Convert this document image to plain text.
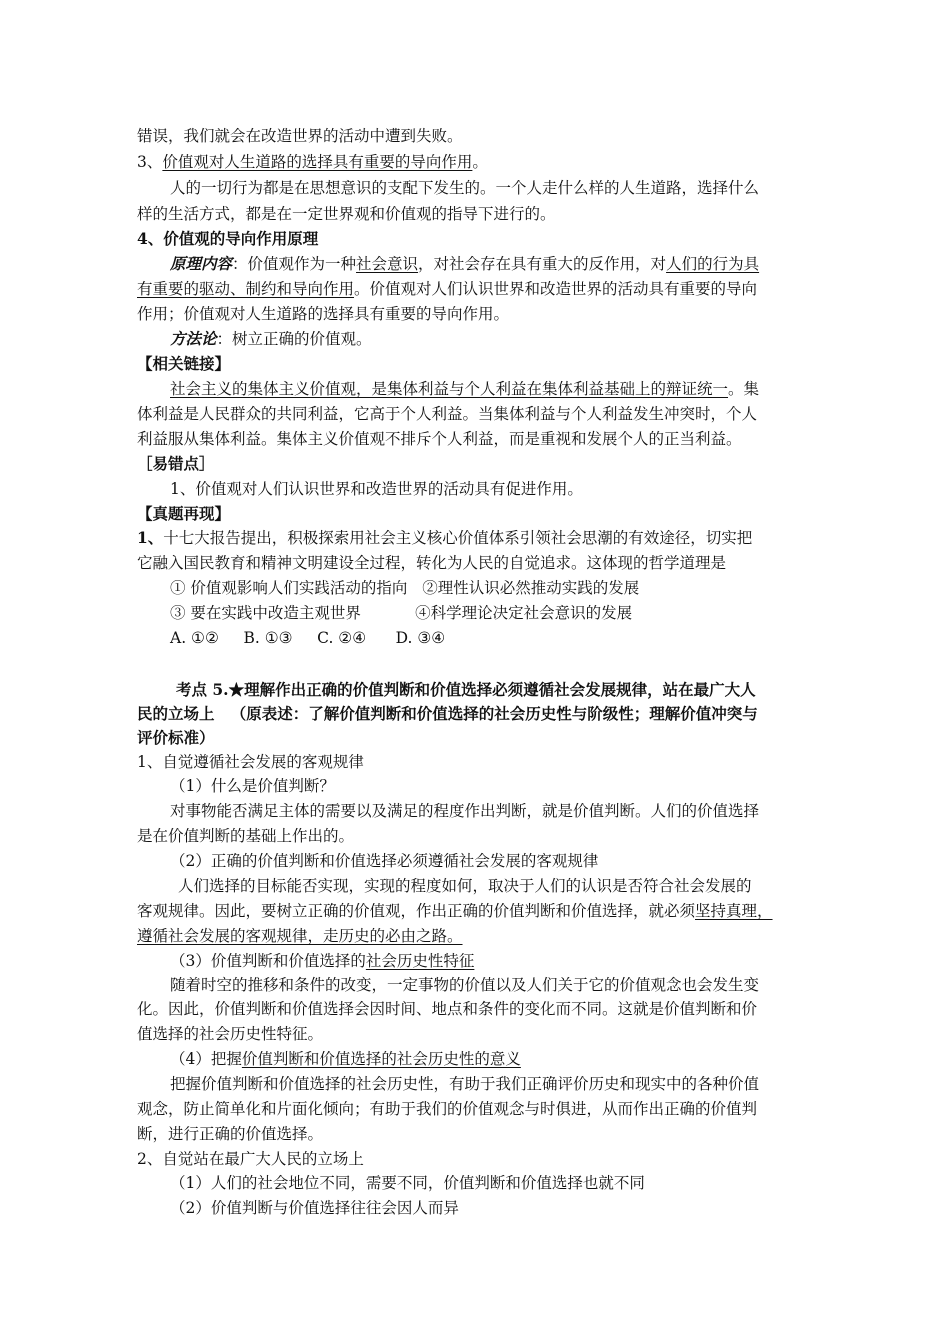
错误，我们就会在改造世界的活动中遭到失败。
3、价值观对人生道路的选择具有重要的导向作用。
人的一切行为都是在思想意识的支配下发生的。一个人走什么样的人生道路，选择什么
样的生活方式，都是在一定世界观和价值观的指导下进行的。
4、价值观的导向作用原理
原理内容：价值观作为一种社会意识，对社会存在具有重大的反作用，对人们的行为具
有重要的驱动、制约和导向作用。价值观对人们认识世界和改造世界的活动具有重要的导向
作用；价值观对人生道路的选择具有重要的导向作用。
方法论：树立正确的价值观。
【相关链接】
社会主义的集体主义价值观，是集体利益与个人利益在集体利益基础上的辩证统一。集
体利益是人民群众的共同利益，它高于个人利益。当集体利益与个人利益发生冲突时，个人
利益服从集体利益。集体主义价值观不排斥个人利益，而是重视和发展个人的正当利益。
［易错点］
1、价值观对人们认识世界和改造世界的活动具有促进作用。
【真题再现】
1、十七大报告提出，积极探索用社会主义核心价值体系引领社会思潮的有效途径，切实把
它融入国民教育和精神文明建设全过程，转化为人民的自觉追求。这体现的哲学道理是
① 价值观影响人们实践活动的指向   ②理性认识必然推动实践的发展
③ 要在实践中改造主观世界           ④科学理论决定社会意识的发展
A. ①②     B. ①③     C. ②④      D. ③④
考点 5.★理解作出正确的价值判断和价值选择必须遵循社会发展规律，站在最广大人
民的立场上   （原表述：了解价值判断和价值选择的社会历史性与阶级性；理解价值冲突与
评价标准）
1、自觉遵循社会发展的客观规律
（1）什么是价值判断？
对事物能否满足主体的需要以及满足的程度作出判断，就是价值判断。人们的价值选择
是在价值判断的基础上作出的。
（2）正确的价值判断和价值选择必须遵循社会发展的客观规律
人们选择的目标能否实现，实现的程度如何，取决于人们的认识是否符合社会发展的
客观规律。因此，要树立正确的价值观，作出正确的价值判断和价值选择，就必须坚持真理，
遵循社会发展的客观规律，走历史的必由之路。
（3）价值判断和价值选择的社会历史性特征
随着时空的推移和条件的改变，一定事物的价值以及人们关于它的价值观念也会发生变
化。因此，价值判断和价值选择会因时间、地点和条件的变化而不同。这就是价值判断和价
值选择的社会历史性特征。
（4）把握价值判断和价值选择的社会历史性的意义
把握价值判断和价值选择的社会历史性，有助于我们正确评价历史和现实中的各种价值
观念，防止简单化和片面化倾向；有助于我们的价值观念与时俱进，从而作出正确的价值判
断，进行正确的价值选择。
2、自觉站在最广大人民的立场上
（1）人们的社会地位不同，需要不同，价值判断和价值选择也就不同
（2）价值判断与价值选择往往会因人而异
